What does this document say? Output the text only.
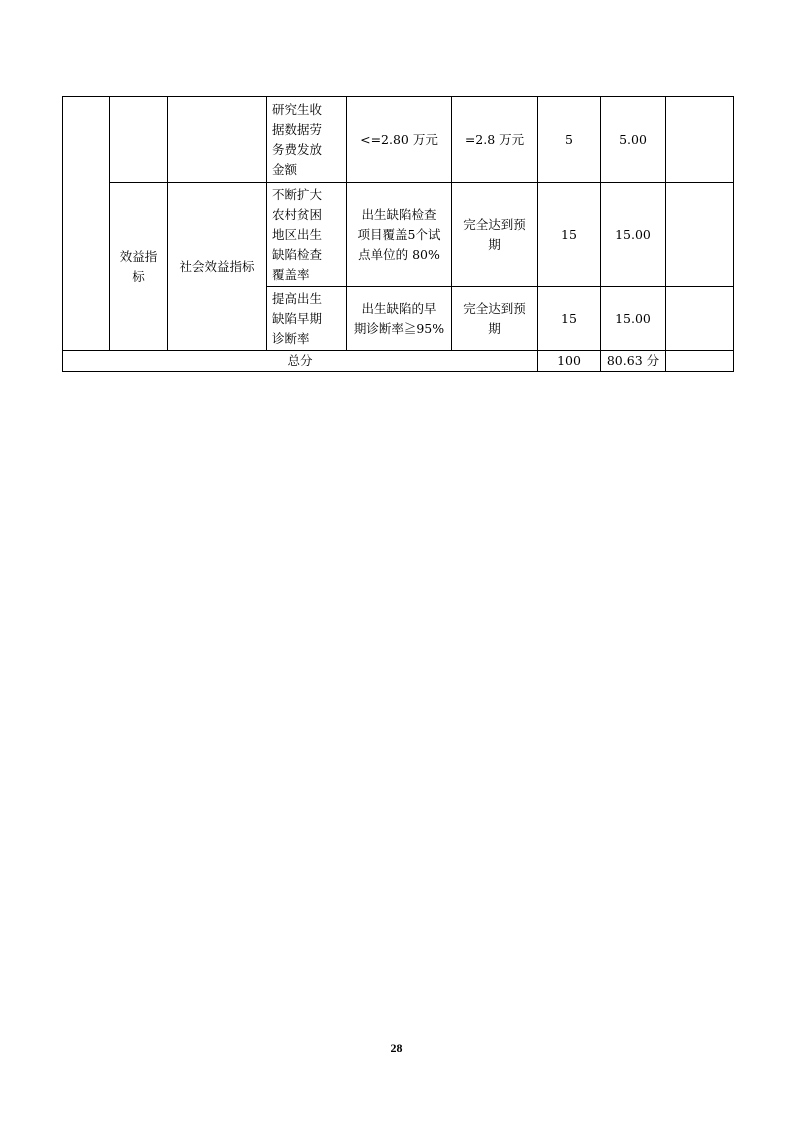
			研究生收
据数据劳
务费发放
金额	<=2.80 万元	=2.8 万元	5	5.00	

	效益指
标	社会效益指标	不断扩大
农村贫困
地区出生
缺陷检查
覆盖率	出生缺陷检查
项目覆盖5个试
点单位的 80%	完全达到预
期	15	15.00	

			提高出生
缺陷早期
诊断率	出生缺陷的早
期诊断率≧95%	完全达到预
期	15	15.00	

总分						100	80.63 分	

28
